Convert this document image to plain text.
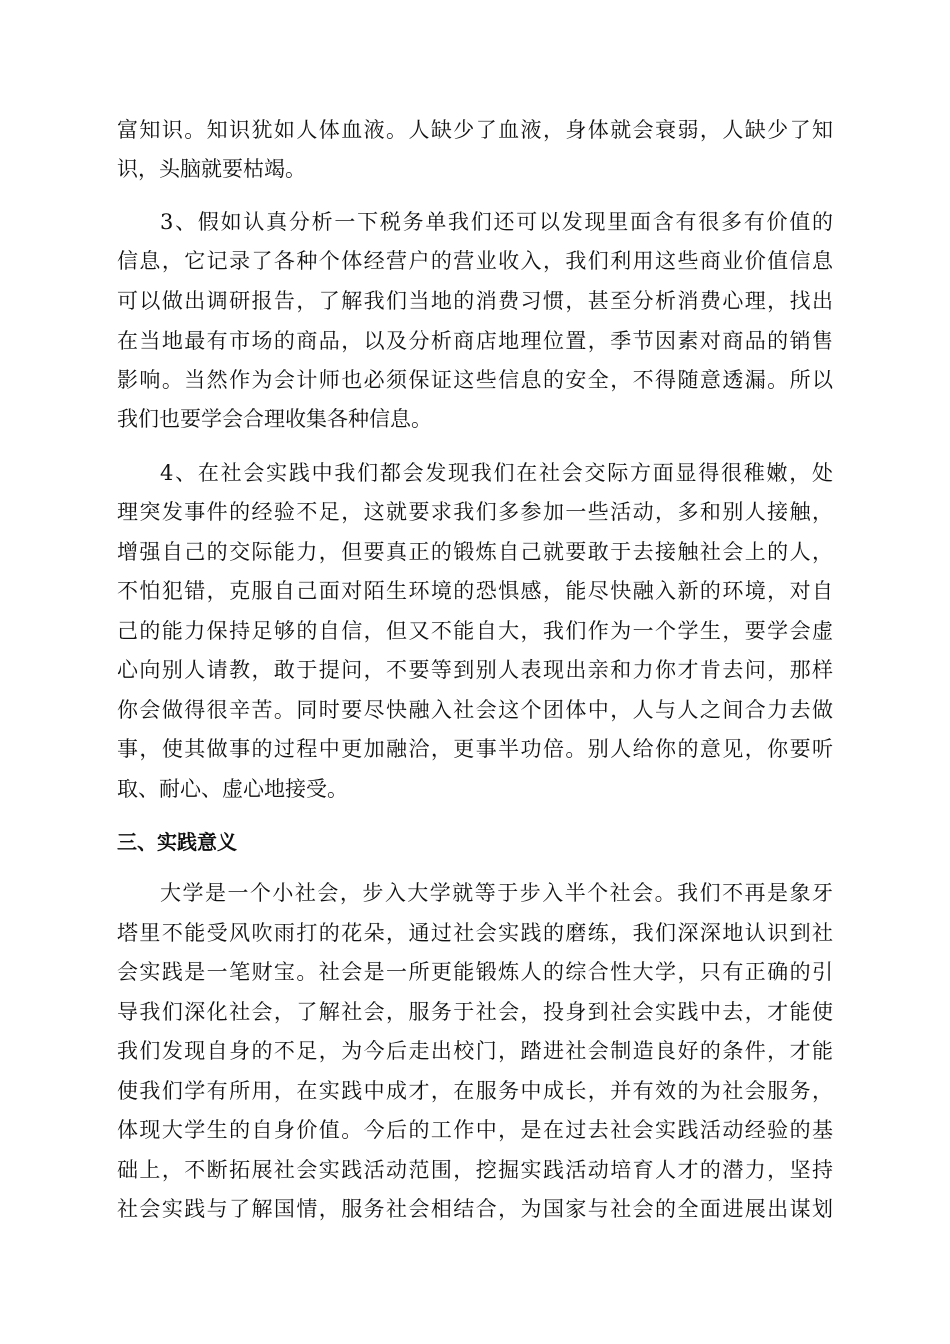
富知识。知识犹如人体血液。人缺少了血液，身体就会衰弱，人缺少了知
识，头脑就要枯竭。
3、假如认真分析一下税务单我们还可以发现里面含有很多有价值的
信息，它记录了各种个体经营户的营业收入，我们利用这些商业价值信息
可以做出调研报告，了解我们当地的消费习惯，甚至分析消费心理，找出
在当地最有市场的商品，以及分析商店地理位置，季节因素对商品的销售
影响。当然作为会计师也必须保证这些信息的安全，不得随意透漏。所以
我们也要学会合理收集各种信息。
4、在社会实践中我们都会发现我们在社会交际方面显得很稚嫩，处
理突发事件的经验不足，这就要求我们多参加一些活动，多和别人接触，
增强自己的交际能力，但要真正的锻炼自己就要敢于去接触社会上的人，
不怕犯错，克服自己面对陌生环境的恐惧感，能尽快融入新的环境，对自
己的能力保持足够的自信，但又不能自大，我们作为一个学生，要学会虚
心向别人请教，敢于提问，不要等到别人表现出亲和力你才肯去问，那样
你会做得很辛苦。同时要尽快融入社会这个团体中，人与人之间合力去做
事，使其做事的过程中更加融洽，更事半功倍。别人给你的意见，你要听
取、耐心、虚心地接受。
三、实践意义
大学是一个小社会，步入大学就等于步入半个社会。我们不再是象牙
塔里不能受风吹雨打的花朵，通过社会实践的磨练，我们深深地认识到社
会实践是一笔财宝。社会是一所更能锻炼人的综合性大学，只有正确的引
导我们深化社会，了解社会，服务于社会，投身到社会实践中去，才能使
我们发现自身的不足，为今后走出校门，踏进社会制造良好的条件，才能
使我们学有所用，在实践中成才，在服务中成长，并有效的为社会服务，
体现大学生的自身价值。今后的工作中，是在过去社会实践活动经验的基
础上，不断拓展社会实践活动范围，挖掘实践活动培育人才的潜力，坚持
社会实践与了解国情，服务社会相结合，为国家与社会的全面进展出谋划
